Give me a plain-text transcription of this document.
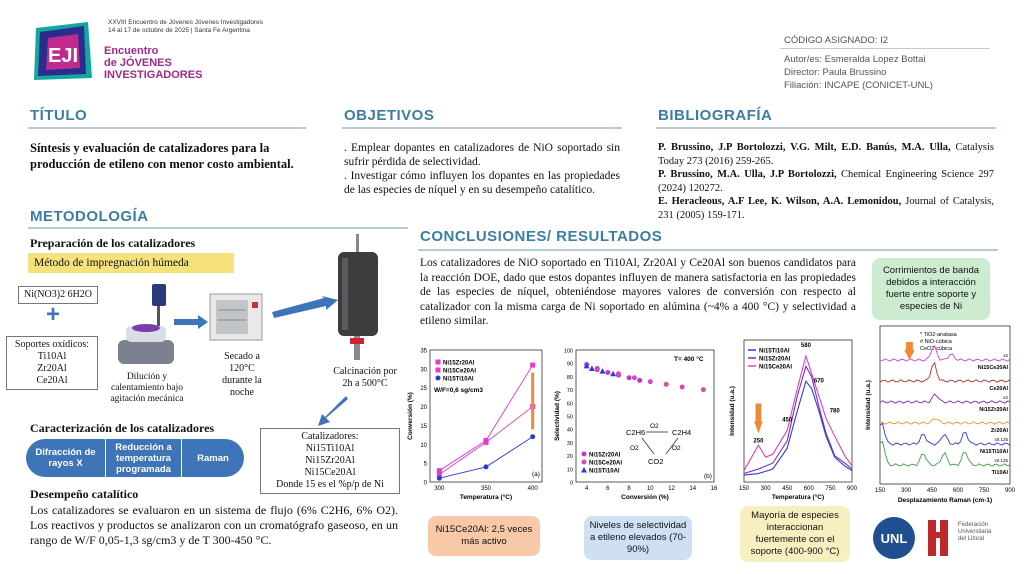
EJI
XXVIII Encuentro de Jóvenes Jóvenes Investigadores
14 al 17 de octubre de 2025 | Santa Fe Argentina
Encuentro
de JÓVENES
INVESTIGADORES
CÓDIGO ASIGNADO: I2
Autor/es: Esmeralda Lopez Bottai
Director: Paula Brussino
Filiación: INCAPE (CONICET-UNL)
TÍTULO
Síntesis y evaluación de catalizadores para la producción de etileno con menor costo ambiental.
OBJETIVOS
. Emplear dopantes en catalizadores de NiO soportado sin sufrir pérdida de selectividad.
. Investigar cómo influyen los dopantes en las propiedades de las especies de níquel y en su desempeño catalítico.
BIBLIOGRAFÍA
P. Brussino, J.P Bortolozzi, V.G. Milt, E.D. Banús, M.A. Ulla, Catalysis Today 273 (2016) 259-265.
P. Brussino, M.A. Ulla, J.P Bortolozzi, Chemical Engineering Science 297 (2024) 120272.
E. Heracleous, A.F Lee, K. Wilson, A.A. Lemonidou, Journal of Catalysis, 231 (2005) 159-171.
METODOLOGÍA
Preparación de los catalizadores
Método de impregnación húmeda
Ni(NO3)2 6H2O
+
Soportes oxídicos:
Ti10Al
Zr20Al
Ce20Al	Dilución y calentamiento bajo agitación mecánica
Secado a 120°C durante la noche
Calcinación por 2h a 500°C
Catalizadores:
Ni15Ti10Al
Ni15Zr20Al
Ni15Ce20Al
Donde 15 es el %p/p de Ni
Caracterización de los catalizadores
Difracción de rayos X
Reducción a temperatura programada
Raman
Desempeño catalítico
Los catalizadores se evaluaron en un sistema de flujo (6% C2H6, 6% O2). Los reactivos y productos se analizaron con un cromatógrafo gaseoso, en un rango de W/F 0,05-1,3 sg/cm3 y de T 300-450 °C.
CONCLUSIONES/ RESULTADOS
Los catalizadores de NiO soportado en Ti10Al, Zr20Al y Ce20Al son buenos candidatos para la reacción DOE, dado que estos dopantes influyen de manera satisfactoria en las propiedades de las especies de níquel, obteniéndose mayores valores de conversión con respecto al catalizador con la misma carga de Ni soportado en alúmina (~4% a 400 °C) y selectividad a etileno similar.
Corrimientos de banda debidos a interacción fuerte entre soporte y especies de Ni
0
5
10
15
20
25
30
35
300	350	400
Temperatura (°C)
Conversión (%)
W/F=0,6 sg/cm3
(a)
Ni15Zr20Al
Ni15Ce20Al
Ni15Ti10Al
0
10
20
30
40
50
60
70
80
90
100
4	6	8	10 12 14 16
Conversión (%)
Selectividad (%)
T= 400 °C
(b)
Ni15Zr20Al
Ni15Ce20Al
Ni15Ti10Al
C2H6
O2
C2H4
O2	O2
CO2
150 300 450 600 750 900
Temperatura (°C)
Intensidad (u.a.)
Ni15Ti10Al
Ni15Zr20Al
Ni15Ce20Al
250
450
580
670
780
150	300	450	600	750	900
Desplazamiento Raman (cm-1)
Intensidad (u.a.)
* TiO2-anatasa
# NiO-cúbica
CeO2-cúbica
Ni15Ce20Al
x2
Ce20Al
Ni15Zr20Al
x2
Zr20Al
Ni15Ti10Al
x0.125
Ti10Al
x0.125
Ni15Ce20Al: 2,5 veces más activo
Niveles de selectividad a etileno elevados (70-90%)
Mayoría de especies interaccionan fuertemente con el soporte (400-900 °C)
UNL
Federación
Universitaria
del Litoral
